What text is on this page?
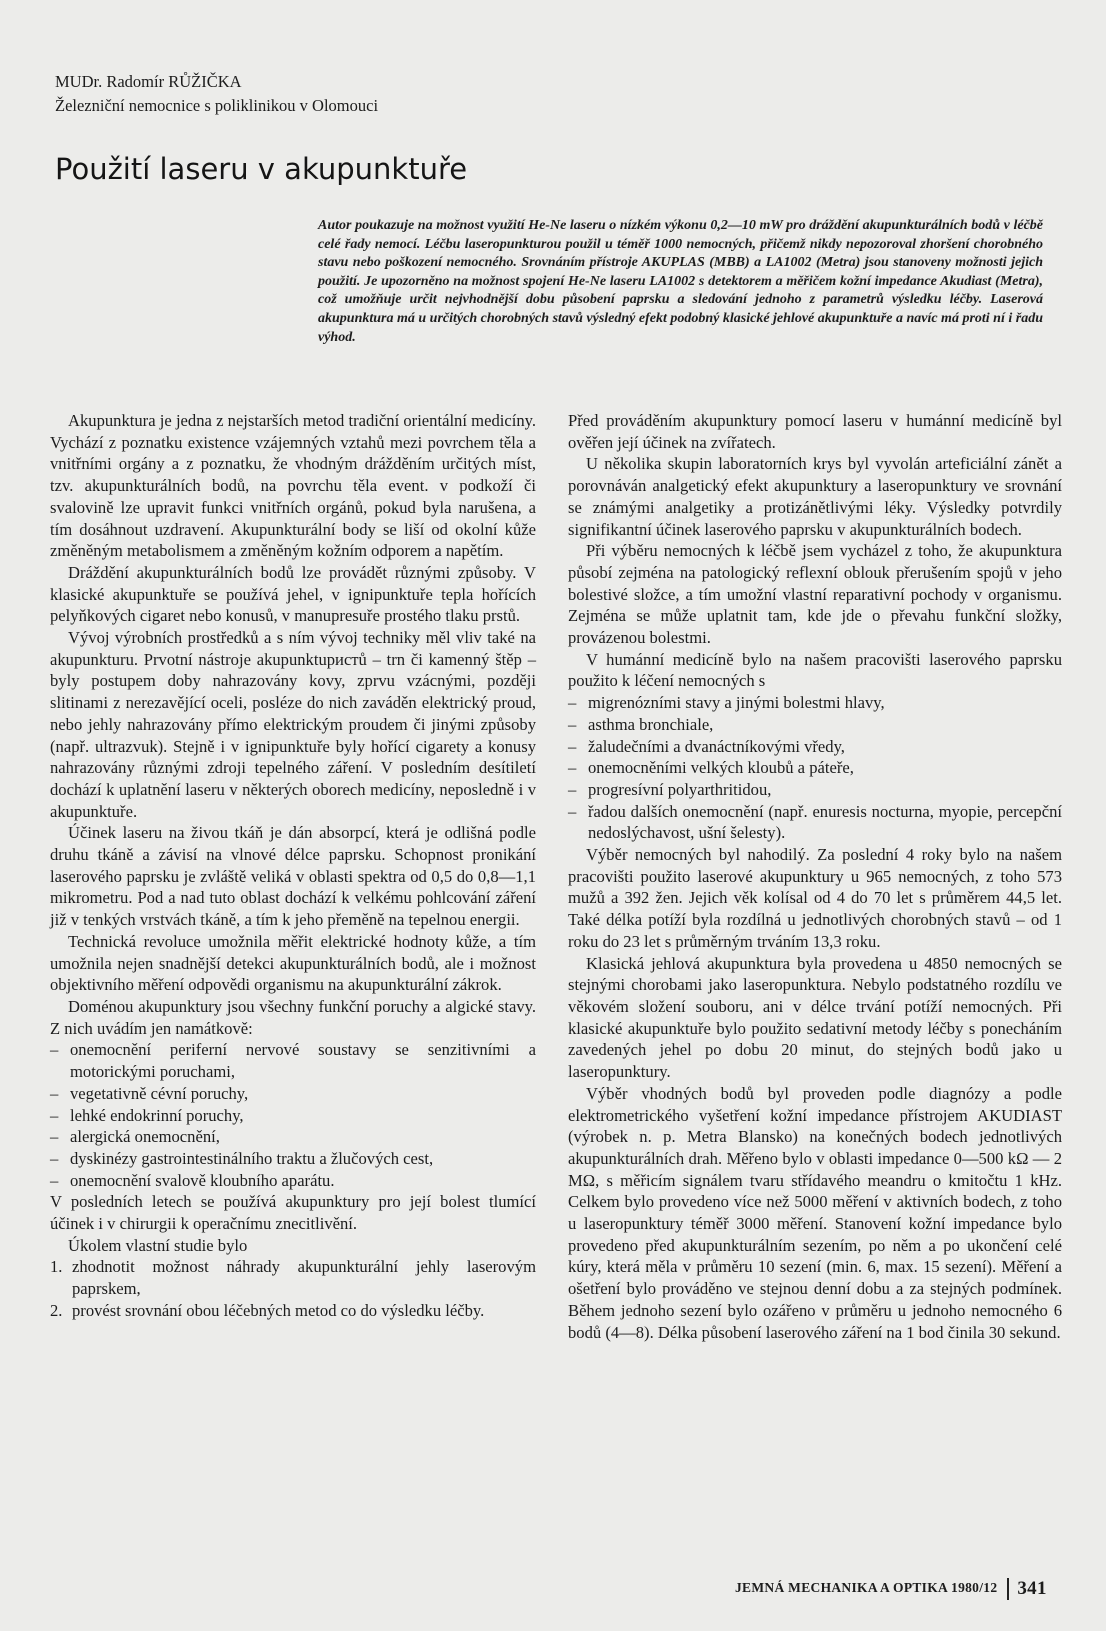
MUDr. Radomír RŮŽIČKA
Železniční nemocnice s poliklinikou v Olomouci
Použití laseru v akupunktuře

Autor poukazuje na možnost využití He-Ne laseru o nízkém výkonu 0,2—10 mW pro dráždění akupunkturálních bodů v léčbě celé řady nemocí. Léčbu laseropunkturou použil u téměř 1000 nemocných, přičemž nikdy nepozoroval zhoršení chorobného stavu nebo poškození nemocného. Srovnáním přístroje AKUPLAS (MBB) a LA1002 (Metra) jsou stanoveny možnosti jejich použití. Je upozorněno na možnost spojení He-Ne laseru LA1002 s detektorem a měřičem kožní impedance Akudiast (Metra), což umožňuje určit nejvhodnější dobu působení paprsku a sledování jednoho z parametrů výsledku léčby. Laserová akupunktura má u určitých chorobných stavů výsledný efekt podobný klasické jehlové akupunktuře a navíc má proti ní i řadu výhod.

Akupunktura je jedna z nejstarších metod tradiční orientální medicíny. Vychází z poznatku existence vzájemných vztahů mezi povrchem těla a vnitřními orgány a z poznatku, že vhodným drážděním určitých míst, tzv. akupunkturálních bodů, na povrchu těla event. v podkoží či svalovině lze upravit funkci vnitřních orgánů, pokud byla narušena, a tím dosáhnout uzdravení. Akupunkturální body se liší od okolní kůže změněným metabolismem a změněným kožním odporem a napětím.

Dráždění akupunkturálních bodů lze provádět různými způsoby. V klasické akupunktuře se používá jehel, v ignipunktuře tepla hořících pelyňkových cigaret nebo konusů, v manupresuře prostého tlaku prstů.

Vývoj výrobních prostředků a s ním vývoj techniky měl vliv také na akupunkturu. Prvotní nástroje akupunktuристů – trn či kamenný štěp – byly postupem doby nahrazovány kovy, zprvu vzácnými, později slitinami z nerezavějící oceli, posléze do nich zaváděn elektrický proud, nebo jehly nahrazovány přímo elektrickým proudem či jinými způsoby (např. ultrazvuk). Stejně i v ignipunktuře byly hořící cigarety a konusy nahrazovány různými zdroji tepelného záření. V posledním desítiletí dochází k uplatnění laseru v některých oborech medicíny, neposledně i v akupunktuře.

Účinek laseru na živou tkáň je dán absorpcí, která je odlišná podle druhu tkáně a závisí na vlnové délce paprsku. Schopnost pronikání laserového paprsku je zvláště veliká v oblasti spektra od 0,5 do 0,8—1,1 mikrometru. Pod a nad tuto oblast dochází k velkému pohlcování záření již v tenkých vrstvách tkáně, a tím k jeho přeměně na tepelnou energii.

Technická revoluce umožnila měřit elektrické hodnoty kůže, a tím umožnila nejen snadnější detekci akupunkturálních bodů, ale i možnost objektivního měření odpovědi organismu na akupunkturální zákrok.

Doménou akupunktury jsou všechny funkční poruchy a algické stavy. Z nich uvádím jen namátkově:

– onemocnění periferní nervové soustavy se senzitivními a motorickými poruchami,
– vegetativně cévní poruchy,
– lehké endokrinní poruchy,
– alergická onemocnění,
– dyskinézy gastrointestinálního traktu a žlučových cest,
– onemocnění svalově kloubního aparátu.

V posledních letech se používá akupunktury pro její bolest tlumící účinek i v chirurgii k operačnímu znecitlivění.

Úkolem vlastní studie bylo

1. zhodnotit možnost náhrady akupunkturální jehly laserovým paprskem,
2. provést srovnání obou léčebných metod co do výsledku léčby.

Před prováděním akupunktury pomocí laseru v humánní medicíně byl ověřen její účinek na zvířatech.

U několika skupin laboratorních krys byl vyvolán arteficiální zánět a porovnáván analgetický efekt akupunktury a laseropunktury ve srovnání se známými analgetiky a protizánětlivými léky. Výsledky potvrdily signifikantní účinek laserového paprsku v akupunkturálních bodech.

Při výběru nemocných k léčbě jsem vycházel z toho, že akupunktura působí zejména na patologický reflexní oblouk přerušením spojů v jeho bolestivé složce, a tím umožní vlastní reparativní pochody v organismu. Zejména se může uplatnit tam, kde jde o převahu funkční složky, provázenou bolestmi.

V humánní medicíně bylo na našem pracovišti laserového paprsku použito k léčení nemocných s

– migrenózními stavy a jinými bolestmi hlavy,
– asthma bronchiale,
– žaludečními a dvanáctníkovými vředy,
– onemocněními velkých kloubů a páteře,
– progresívní polyarthritidou,
– řadou dalších onemocnění (např. enuresis nocturna, myopie, percepční nedoslýchavost, ušní šelesty).

Výběr nemocných byl nahodilý. Za poslední 4 roky bylo na našem pracovišti použito laserové akupunktury u 965 nemocných, z toho 573 mužů a 392 žen. Jejich věk kolísal od 4 do 70 let s průměrem 44,5 let. Také délka potíží byla rozdílná u jednotlivých chorobných stavů – od 1 roku do 23 let s průměrným trváním 13,3 roku.

Klasická jehlová akupunktura byla provedena u 4850 nemocných se stejnými chorobami jako laseropunktura. Nebylo podstatného rozdílu ve věkovém složení souboru, ani v délce trvání potíží nemocných. Při klasické akupunktuře bylo použito sedativní metody léčby s ponecháním zavedených jehel po dobu 20 minut, do stejných bodů jako u laseropunktury.

Výběr vhodných bodů byl proveden podle diagnózy a podle elektrometrického vyšetření kožní impedance přístrojem AKUDIAST (výrobek n. p. Metra Blansko) na konečných bodech jednotlivých akupunkturálních drah. Měřeno bylo v oblasti impedance 0—500 kΩ — 2 MΩ, s měřicím signálem tvaru střídavého meandru o kmitočtu 1 kHz. Celkem bylo provedeno více než 5000 měření v aktivních bodech, z toho u laseropunktury téměř 3000 měření. Stanovení kožní impedance bylo provedeno před akupunkturálním sezením, po něm a po ukončení celé kúry, která měla v průměru 10 sezení (min. 6, max. 15 sezení). Měření a ošetření bylo prováděno ve stejnou denní dobu a za stejných podmínek. Během jednoho sezení bylo ozářeno v průměru u jednoho nemocného 6 bodů (4—8). Délka působení laserového záření na 1 bod činila 30 sekund.

JEMNÁ MECHANIKA A OPTIKA 1980/12 341
